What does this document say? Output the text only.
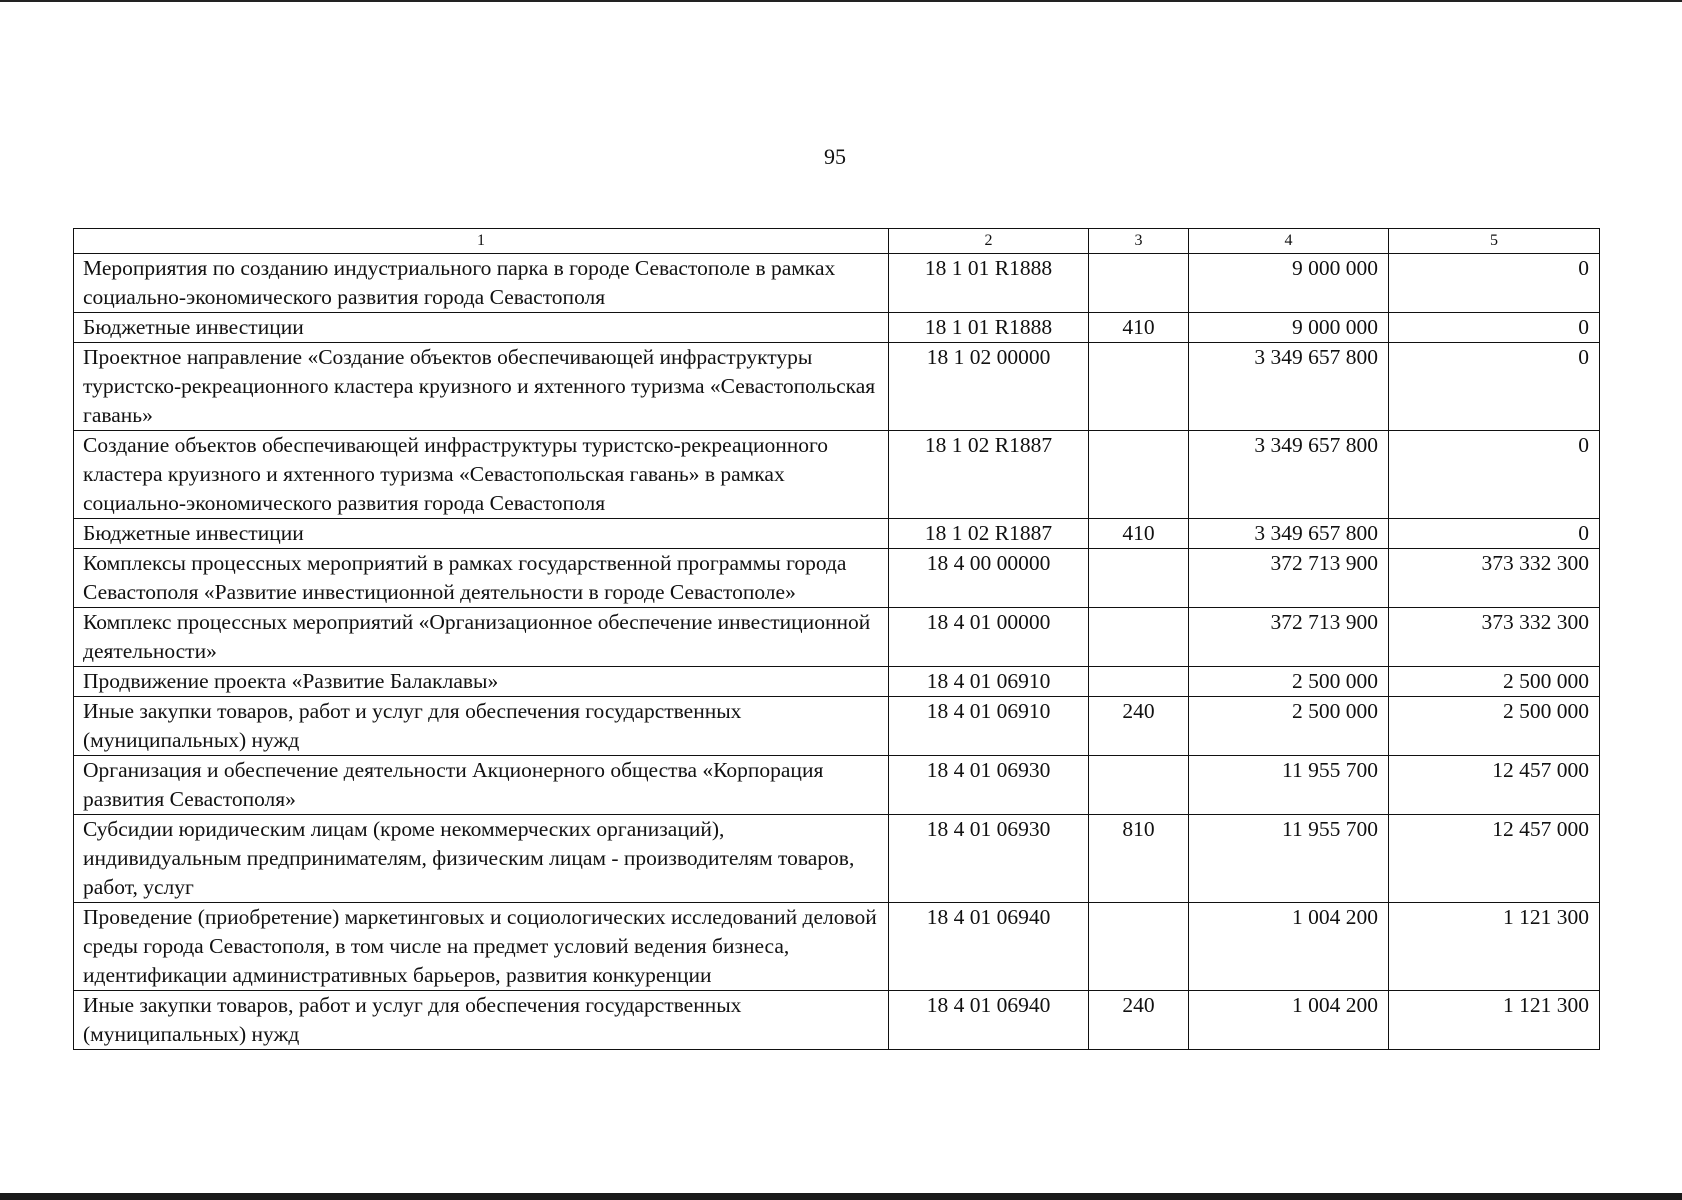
95
1	2	3	4	5
Мероприятия по созданию индустриального парка в городе Севастополе в рамках социально-экономического развития города Севастополя	18 1 01 R1888		9 000 000	0
Бюджетные инвестиции	18 1 01 R1888	410	9 000 000	0
Проектное направление «Создание объектов обеспечивающей инфраструктуры туристско-рекреационного кластера круизного и яхтенного туризма «Севастопольская гавань»	18 1 02 00000		3 349 657 800	0
Создание объектов обеспечивающей инфраструктуры туристско-рекреационного кластера круизного и яхтенного туризма «Севастопольская гавань» в рамках социально-экономического развития города Севастополя	18 1 02 R1887		3 349 657 800	0
Бюджетные инвестиции	18 1 02 R1887	410	3 349 657 800	0
Комплексы процессных мероприятий в рамках государственной программы города Севастополя «Развитие инвестиционной деятельности в городе Севастополе»	18 4 00 00000		372 713 900	373 332 300
Комплекс процессных мероприятий «Организационное обеспечение инвестиционной деятельности»	18 4 01 00000		372 713 900	373 332 300
Продвижение проекта «Развитие Балаклавы»	18 4 01 06910		2 500 000	2 500 000
Иные закупки товаров, работ и услуг для обеспечения государственных (муниципальных) нужд	18 4 01 06910	240	2 500 000	2 500 000
Организация и обеспечение деятельности Акционерного общества «Корпорация развития Севастополя»	18 4 01 06930		11 955 700	12 457 000
Субсидии юридическим лицам (кроме некоммерческих организаций), индивидуальным предпринимателям, физическим лицам - производителям товаров, работ, услуг	18 4 01 06930	810	11 955 700	12 457 000
Проведение (приобретение) маркетинговых и социологических исследований деловой среды города Севастополя, в том числе на предмет условий ведения бизнеса, идентификации административных барьеров, развития конкуренции	18 4 01 06940		1 004 200	1 121 300
Иные закупки товаров, работ и услуг для обеспечения государственных (муниципальных) нужд	18 4 01 06940	240	1 004 200	1 121 300
